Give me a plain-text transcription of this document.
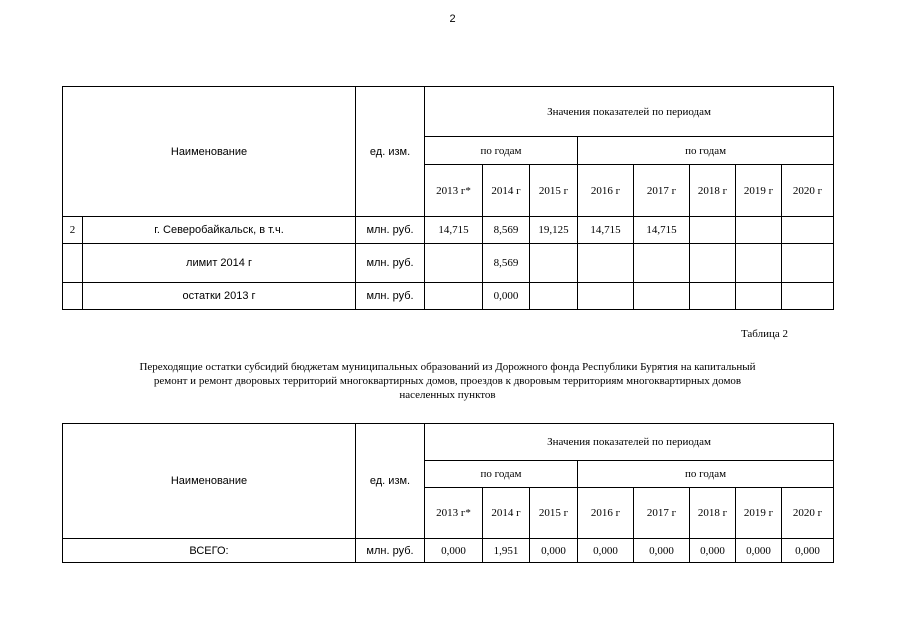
2
Наименование		ед. изм.	Значения показателей по периодам							
			по годам			по годам				
			2013 г*	2014 г	2015 г	2016 г	2017 г	2018 г	2019 г	2020 г
2	г. Северобайкальск, в т.ч.	млн. руб.	14,715	8,569	19,125	14,715	14,715			
	лимит 2014 г	млн. руб.		8,569						
	остатки 2013 г	млн. руб.		0,000						
Таблица 2
Переходящие остатки субсидий бюджетам муниципальных образований из Дорожного фонда Республики Бурятия на капитальный
ремонт и ремонт дворовых территорий многоквартирных домов, проездов к дворовым территориям многоквартирных домов
населенных пунктов
Наименование	ед. изм.	Значения показателей по периодам							
		по годам			по годам				
		2013 г*	2014 г	2015 г	2016 г	2017 г	2018 г	2019 г	2020 г
ВСЕГО:	млн. руб.	0,000	1,951	0,000	0,000	0,000	0,000	0,000	0,000
